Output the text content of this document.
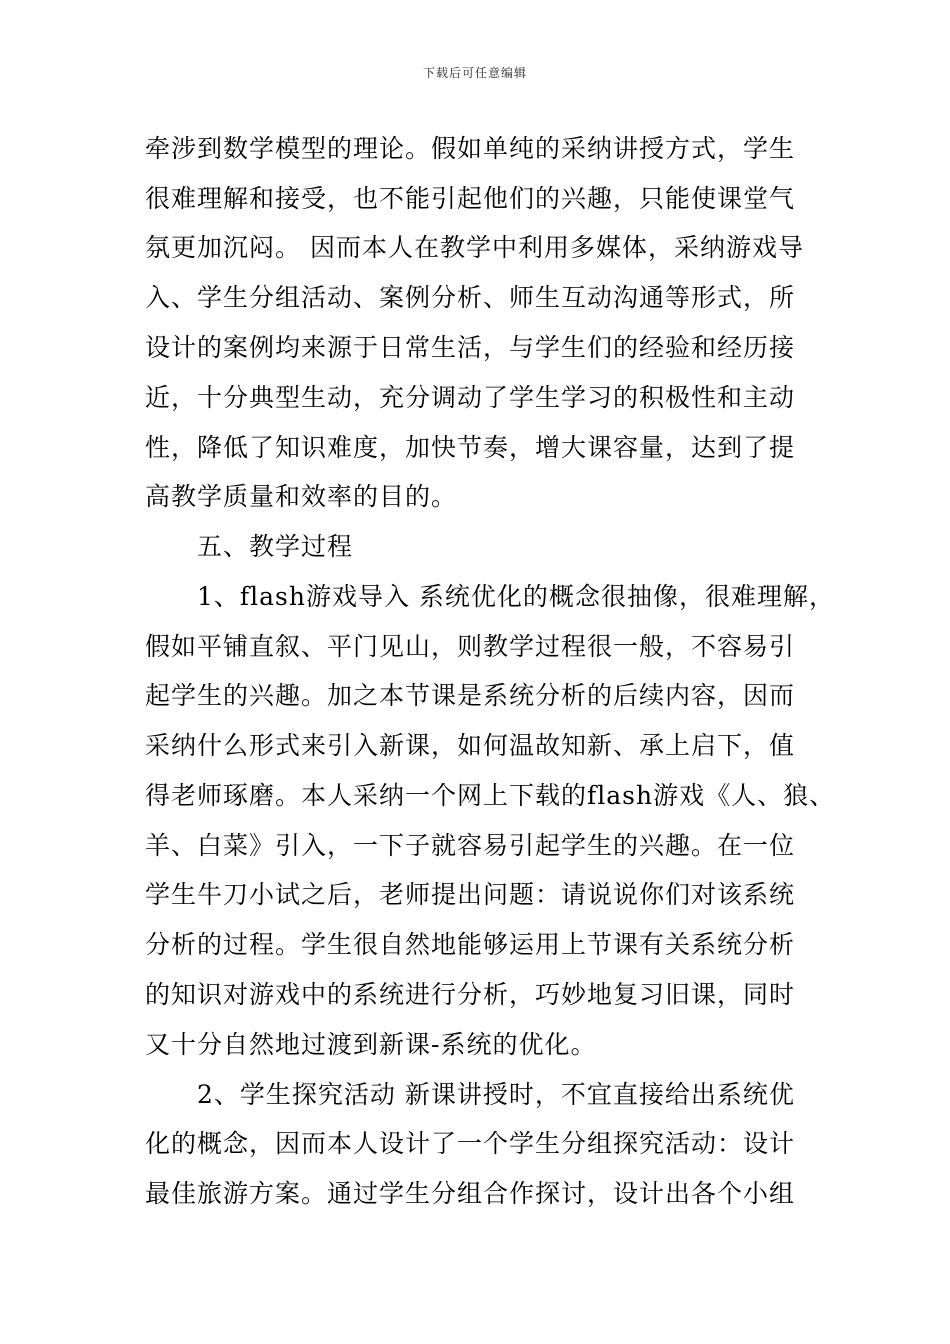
下载后可任意编辑
牵涉到数学模型的理论。假如单纯的采纳讲授方式，学生
很难理解和接受，也不能引起他们的兴趣，只能使课堂气
氛更加沉闷。 因而本人在教学中利用多媒体，采纳游戏导
入、学生分组活动、案例分析、师生互动沟通等形式，所
设计的案例均来源于日常生活，与学生们的经验和经历接
近，十分典型生动，充分调动了学生学习的积极性和主动
性，降低了知识难度，加快节奏，增大课容量，达到了提
高教学质量和效率的目的。
五、教学过程
1、flash游戏导入 系统优化的概念很抽像，很难理解，
假如平铺直叙、平门见山，则教学过程很一般，不容易引
起学生的兴趣。加之本节课是系统分析的后续内容，因而
采纳什么形式来引入新课，如何温故知新、承上启下，值
得老师琢磨。本人采纳一个网上下载的flash游戏《人、狼、
羊、白菜》引入，一下子就容易引起学生的兴趣。在一位
学生牛刀小试之后，老师提出问题：请说说你们对该系统
分析的过程。学生很自然地能够运用上节课有关系统分析
的知识对游戏中的系统进行分析，巧妙地复习旧课，同时
又十分自然地过渡到新课-系统的优化。
2、学生探究活动 新课讲授时，不宜直接给出系统优
化的概念，因而本人设计了一个学生分组探究活动：设计
最佳旅游方案。通过学生分组合作探讨，设计出各个小组
